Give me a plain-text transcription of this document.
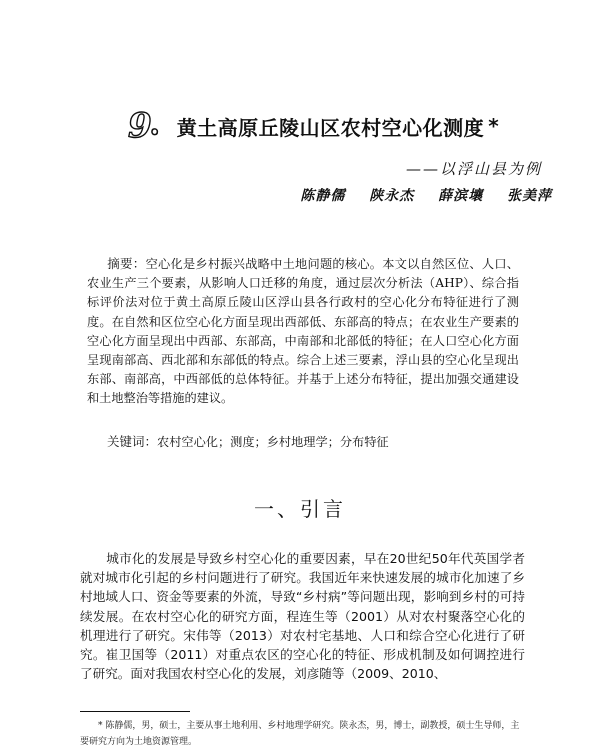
9 。 黄土高原丘陵山区农村空心化测度 *
——以浮山县为例
陈静儒 陕永杰 薛滨壤 张美萍
摘要：空心化是乡村振兴战略中土地问题的核心。本文以自然区位、人口、农业生产三个要素，从影响人口迁移的角度，通过层次分析法（AHP）、综合指标评价法对位于黄土高原丘陵山区浮山县各行政村的空心化分布特征进行了测度。在自然和区位空心化方面呈现出西部低、东部高的特点；在农业生产要素的空心化方面呈现出中西部、东部高，中南部和北部低的特征；在人口空心化方面呈现南部高、西北部和东部低的特点。综合上述三要素，浮山县的空心化呈现出东部、南部高，中西部低的总体特征。并基于上述分布特征，提出加强交通建设和土地整治等措施的建议。
关键词：农村空心化；测度；乡村地理学；分布特征
一、引言
城市化的发展是导致乡村空心化的重要因素，早在20世纪50年代英国学者就对城市化引起的乡村问题进行了研究。我国近年来快速发展的城市化加速了乡村地域人口、资金等要素的外流，导致“乡村病”等问题出现，影响到乡村的可持续发展。在农村空心化的研究方面，程连生等（2001）从对农村聚落空心化的机理进行了研究。宋伟等（2013）对农村宅基地、人口和综合空心化进行了研究。崔卫国等（2011）对重点农区的空心化的特征、形成机制及如何调控进行了研究。面对我国农村空心化的发展，刘彦随等（2009、2010、
* 陈静儒，男，硕士，主要从事土地利用、乡村地理学研究。陕永杰，男，博士，副教授，硕士生导师，主要研究方向为土地资源管理。
